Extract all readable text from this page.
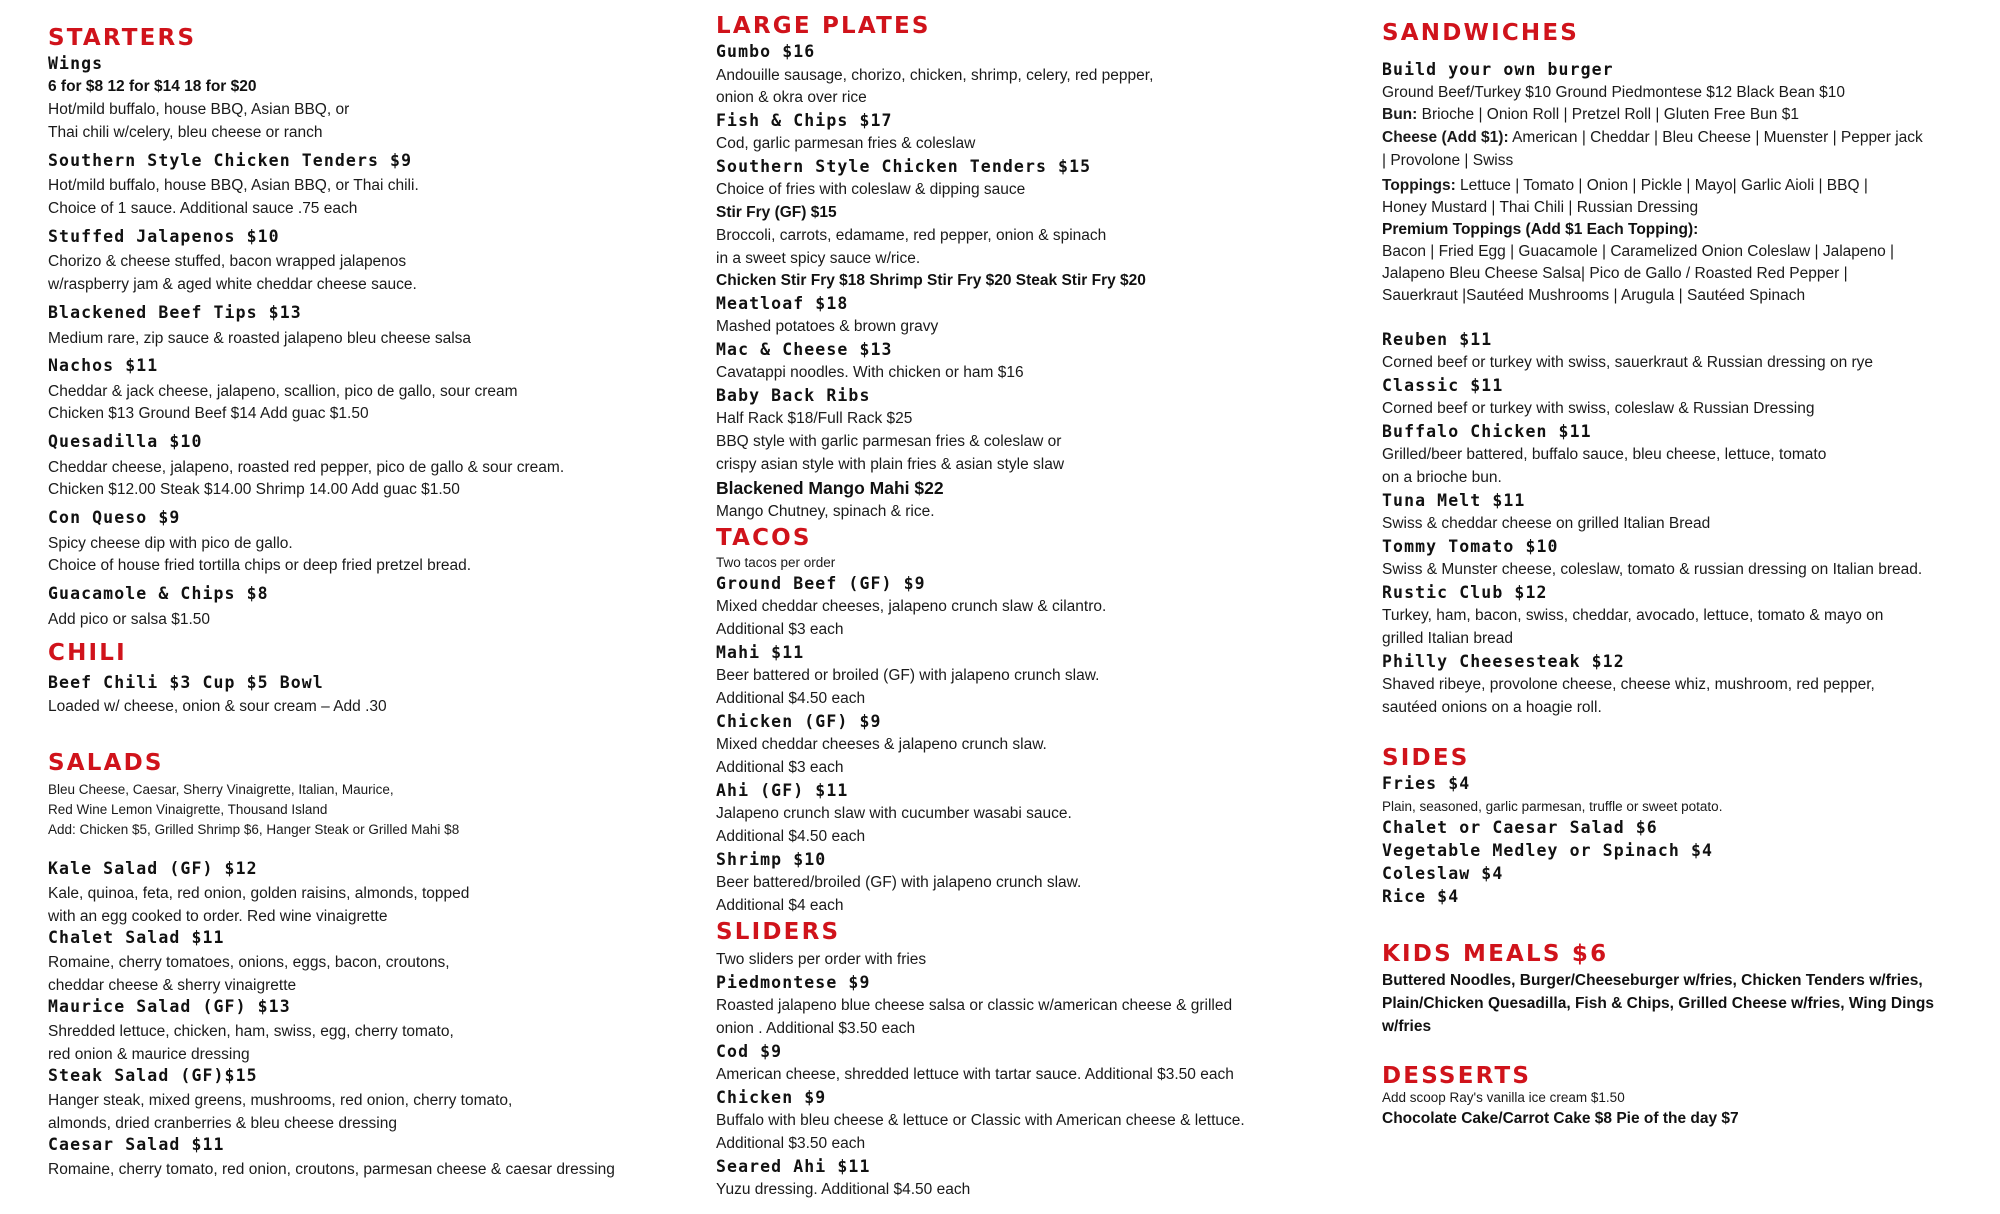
STARTERS
Wings
6 for $8 12 for $14 18 for $20
Hot/mild buffalo, house BBQ, Asian BBQ, or
Thai chili w/celery, bleu cheese or ranch
Southern Style Chicken Tenders $9
Hot/mild buffalo, house BBQ, Asian BBQ, or Thai chili.
Choice of 1 sauce. Additional sauce .75 each
Stuffed Jalapenos $10
Chorizo & cheese stuffed, bacon wrapped jalapenos
w/raspberry jam & aged white cheddar cheese sauce.
Blackened Beef Tips $13
Medium rare, zip sauce & roasted jalapeno bleu cheese salsa
Nachos $11
Cheddar & jack cheese, jalapeno, scallion, pico de gallo, sour cream
Chicken $13 Ground Beef $14 Add guac $1.50
Quesadilla $10
Cheddar cheese, jalapeno, roasted red pepper, pico de gallo & sour cream.
Chicken $12.00 Steak $14.00 Shrimp 14.00 Add guac $1.50
Con Queso $9
Spicy cheese dip with pico de gallo.
Choice of house fried tortilla chips or deep fried pretzel bread.
Guacamole & Chips $8
Add pico or salsa $1.50
CHILI
Beef Chili $3 Cup $5 Bowl
Loaded w/ cheese, onion & sour cream – Add .30
SALADS
Bleu Cheese, Caesar, Sherry Vinaigrette, Italian, Maurice,
Red Wine Lemon Vinaigrette, Thousand Island
Add: Chicken $5, Grilled Shrimp $6, Hanger Steak or Grilled Mahi $8
Kale Salad (GF) $12
Kale, quinoa, feta, red onion, golden raisins, almonds, topped
with an egg cooked to order. Red wine vinaigrette
Chalet Salad $11
Romaine, cherry tomatoes, onions, eggs, bacon, croutons,
cheddar cheese & sherry vinaigrette
Maurice Salad (GF) $13
Shredded lettuce, chicken, ham, swiss, egg, cherry tomato,
red onion & maurice dressing
Steak Salad (GF)$15
Hanger steak, mixed greens, mushrooms, red onion, cherry tomato,
almonds, dried cranberries & bleu cheese dressing
Caesar Salad $11
Romaine, cherry tomato, red onion, croutons, parmesan cheese & caesar dressing
LARGE PLATES
Gumbo $16
Andouille sausage, chorizo, chicken, shrimp, celery, red pepper,
onion & okra over rice
Fish & Chips $17
Cod, garlic parmesan fries & coleslaw
Southern Style Chicken Tenders $15
Choice of fries with coleslaw & dipping sauce
Stir Fry (GF) $15
Broccoli, carrots, edamame, red pepper, onion & spinach
in a sweet spicy sauce w/rice.
Chicken Stir Fry $18 Shrimp Stir Fry $20 Steak Stir Fry $20
Meatloaf $18
Mashed potatoes & brown gravy
Mac & Cheese $13
Cavatappi noodles. With chicken or ham $16
Baby Back Ribs
Half Rack $18/Full Rack $25
BBQ style with garlic parmesan fries & coleslaw or
crispy asian style with plain fries & asian style slaw
Blackened Mango Mahi $22
Mango Chutney, spinach & rice.
TACOS
Two tacos per order
Ground Beef (GF) $9
Mixed cheddar cheeses, jalapeno crunch slaw & cilantro.
Additional $3 each
Mahi $11
Beer battered or broiled (GF) with jalapeno crunch slaw.
Additional $4.50 each
Chicken (GF) $9
Mixed cheddar cheeses & jalapeno crunch slaw.
Additional $3 each
Ahi (GF) $11
Jalapeno crunch slaw with cucumber wasabi sauce.
Additional $4.50 each
Shrimp $10
Beer battered/broiled (GF) with jalapeno crunch slaw.
Additional $4 each
SLIDERS
Two sliders per order with fries
Piedmontese $9
Roasted jalapeno blue cheese salsa or classic w/american cheese & grilled
onion . Additional $3.50 each
Cod $9
American cheese, shredded lettuce with tartar sauce. Additional $3.50 each
Chicken $9
Buffalo with bleu cheese & lettuce or Classic with American cheese & lettuce.
Additional $3.50 each
Seared Ahi $11
Yuzu dressing. Additional $4.50 each
SANDWICHES
Build your own burger
Ground Beef/Turkey $10 Ground Piedmontese $12 Black Bean $10
Bun: Brioche | Onion Roll | Pretzel Roll | Gluten Free Bun $1
Cheese (Add $1): American | Cheddar | Bleu Cheese | Muenster | Pepper jack
| Provolone | Swiss
Toppings: Lettuce | Tomato | Onion | Pickle | Mayo| Garlic Aioli | BBQ |
Honey Mustard | Thai Chili | Russian Dressing
Premium Toppings (Add $1 Each Topping):
Bacon | Fried Egg | Guacamole | Caramelized Onion Coleslaw | Jalapeno |
Jalapeno Bleu Cheese Salsa| Pico de Gallo / Roasted Red Pepper |
Sauerkraut |Sautéed Mushrooms | Arugula | Sautéed Spinach
Reuben $11
Corned beef or turkey with swiss, sauerkraut & Russian dressing on rye
Classic $11
Corned beef or turkey with swiss, coleslaw & Russian Dressing
Buffalo Chicken $11
Grilled/beer battered, buffalo sauce, bleu cheese, lettuce, tomato
on a brioche bun.
Tuna Melt $11
Swiss & cheddar cheese on grilled Italian Bread
Tommy Tomato $10
Swiss & Munster cheese, coleslaw, tomato & russian dressing on Italian bread.
Rustic Club $12
Turkey, ham, bacon, swiss, cheddar, avocado, lettuce, tomato & mayo on
grilled Italian bread
Philly Cheesesteak $12
Shaved ribeye, provolone cheese, cheese whiz, mushroom, red pepper,
sautéed onions on a hoagie roll.
SIDES
Fries $4
Plain, seasoned, garlic parmesan, truffle or sweet potato.
Chalet or Caesar Salad $6
Vegetable Medley or Spinach $4
Coleslaw $4
Rice $4
KIDS MEALS $6
Buttered Noodles, Burger/Cheeseburger w/fries, Chicken Tenders w/fries,
Plain/Chicken Quesadilla, Fish & Chips, Grilled Cheese w/fries, Wing Dings
w/fries
DESSERTS
Add scoop Ray's vanilla ice cream $1.50
Chocolate Cake/Carrot Cake $8 Pie of the day $7
